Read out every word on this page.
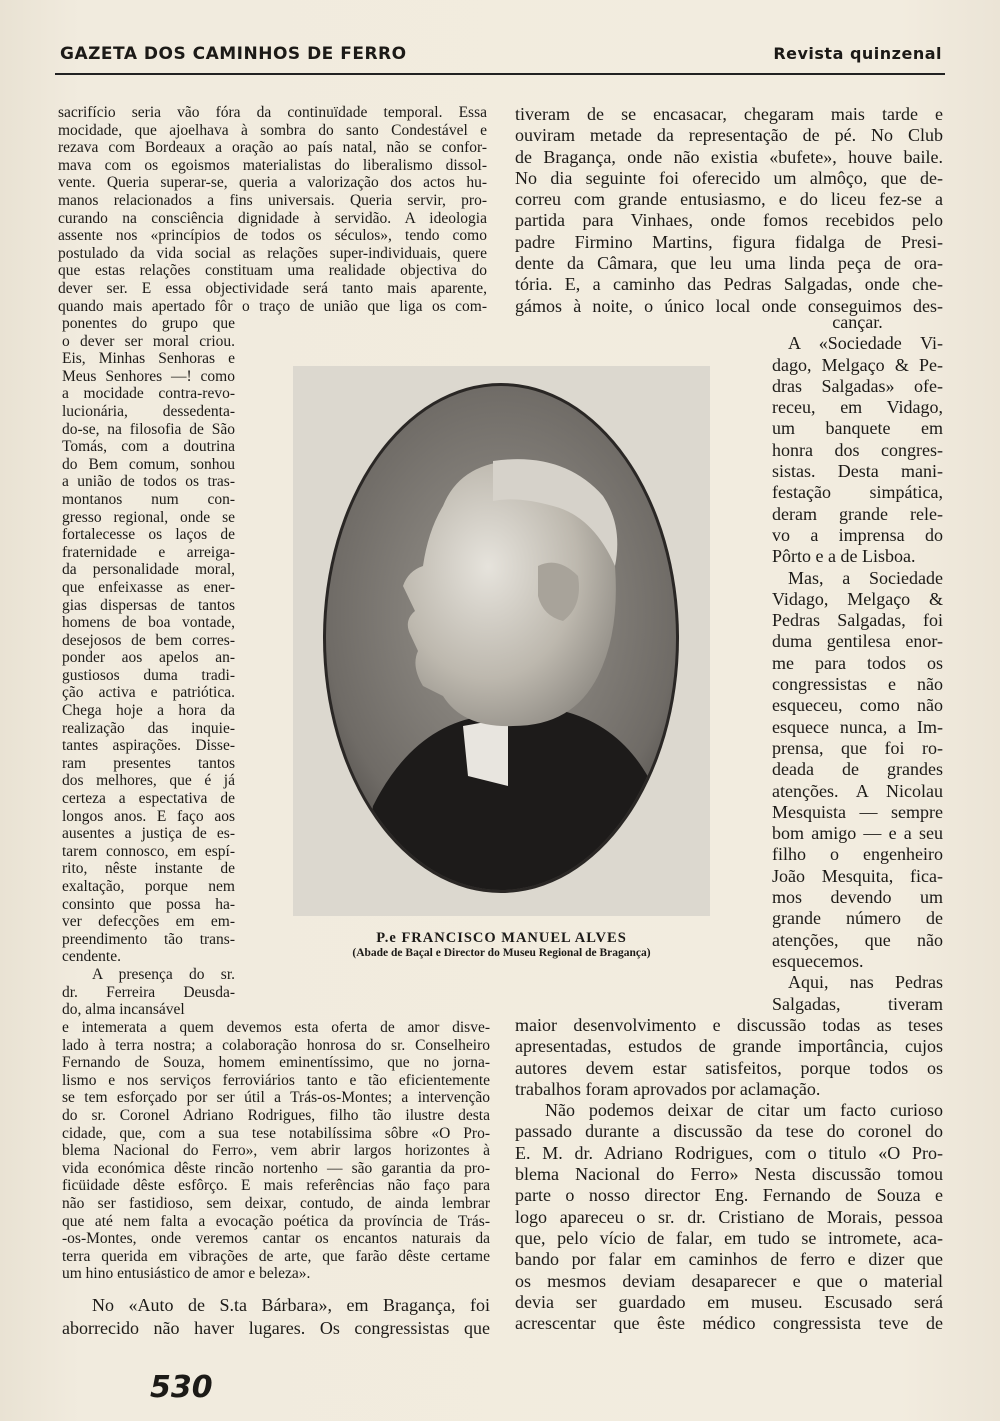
GAZETA DOS CAMINHOS DE FERRO	Revista quinzenal
sacrifício seria vão fóra da continuïdade temporal. Essa
mocidade, que ajoelhava à sombra do santo Condestável e
rezava com Bordeaux a oração ao país natal, não se confor-
mava com os egoismos materialistas do liberalismo dissol-
vente. Queria superar-se, queria a valorização dos actos hu-
manos relacionados a fins universais. Queria servir, pro-
curando na consciência dignidade à servidão. A ideologia
assente nos «princípios de todos os séculos», tendo como
postulado da vida social as relações super-individuais, quere
que estas relações constituam uma realidade objectiva do
dever ser. E essa objectividade será tanto mais aparente,
quando mais apertado fôr o traço de união que liga os com-
ponentes do grupo que
o dever ser moral criou.
Eis, Minhas Senhoras e
Meus Senhores —! como
a mocidade contra-revo-
lucionária, dessedenta-
do-se, na filosofia de São
Tomás, com a doutrina
do Bem comum, sonhou
a união de todos os tras-
montanos num con-
gresso regional, onde se
fortalecesse os laços de
fraternidade e arreiga-
da personalidade moral,
que enfeixasse as ener-
gias dispersas de tantos
homens de boa vontade,
desejosos de bem corres-
ponder aos apelos an-
gustiosos duma tradi-
ção activa e patriótica.
Chega hoje a hora da
realização das inquie-
tantes aspirações. Disse-
ram presentes tantos
dos melhores, que é já
certeza a espectativa de
longos anos. E faço aos
ausentes a justiça de es-
tarem connosco, em espí-
rito, nêste instante de
exaltação, porque nem
consinto que possa ha-
ver defecções em em-
preendimento tão trans-
cendente.
A presença do sr.
dr. Ferreira Deusda-
do, alma incansável
e intemerata a quem devemos esta oferta de amor disve-
lado à terra nostra; a colaboração honrosa do sr. Conselheiro
Fernando de Souza, homem eminentíssimo, que no jorna-
lismo e nos serviços ferroviários tanto e tão eficientemente
se tem esforçado por ser útil a Trás-os-Montes; a intervenção
do sr. Coronel Adriano Rodrigues, filho tão ilustre desta
cidade, que, com a sua tese notabilíssima sôbre «O Pro-
blema Nacional do Ferro», vem abrir largos horizontes à
vida económica dêste rincão nortenho — são garantia da pro-
ficüidade dêste esfôrço. E mais referências não faço para
não ser fastidioso, sem deixar, contudo, de ainda lembrar
que até nem falta a evocação poética da província de Trás-
-os-Montes, onde veremos cantar os encantos naturais da
terra querida em vibrações de arte, que farão dêste certame
um hino entusiástico de amor e beleza».
No «Auto de S.ta Bárbara», em Bragança, foi
aborrecido não haver lugares. Os congressistas que
tiveram de se encasacar, chegaram mais tarde e
ouviram metade da representação de pé. No Club
de Bragança, onde não existia «bufete», houve baile.
No dia seguinte foi oferecido um almôço, que de-
correu com grande entusiasmo, e do liceu fez-se a
partida para Vinhaes, onde fomos recebidos pelo
padre Firmino Martins, figura fidalga de Presi-
dente da Câmara, que leu uma linda peça de ora-
tória. E, a caminho das Pedras Salgadas, onde che-
gámos à noite, o único local onde conseguimos des-
cançar.
A «Sociedade Vi-
dago, Melgaço & Pe-
dras Salgadas» ofe-
receu, em Vidago,
um banquete em
honra dos congres-
sistas. Desta mani-
festação simpática,
deram grande rele-
vo a imprensa do
Pôrto e a de Lisboa.
Mas, a Sociedade
Vidago, Melgaço &
Pedras Salgadas, foi
duma gentilesa enor-
me para todos os
congressistas e não
esqueceu, como não
esquece nunca, a Im-
prensa, que foi ro-
deada de grandes
atenções. A Nicolau
Mesquista — sempre
bom amigo — e a seu
filho o engenheiro
João Mesquita, fica-
mos devendo um
grande número de
atenções, que não
esquecemos.
Aqui, nas Pedras
Salgadas, tiveram
maior desenvolvimento e discussão todas as teses
apresentadas, estudos de grande importância, cujos
autores devem estar satisfeitos, porque todos os
trabalhos foram aprovados por aclamação.
Não podemos deixar de citar um facto curioso
passado durante a discussão da tese do coronel do
E. M. dr. Adriano Rodrigues, com o titulo «O Pro-
blema Nacional do Ferro» Nesta discussão tomou
parte o nosso director Eng. Fernando de Souza e
logo apareceu o sr. dr. Cristiano de Morais, pessoa
que, pelo vício de falar, em tudo se intromete, aca-
bando por falar em caminhos de ferro e dizer que
os mesmos deviam desaparecer e que o material
devia ser guardado em museu. Escusado será
acrescentar que êste médico congressista teve de
P.e FRANCISCO MANUEL ALVES
(Abade de Baçal e Director do Museu Regional de Bragança)
530
